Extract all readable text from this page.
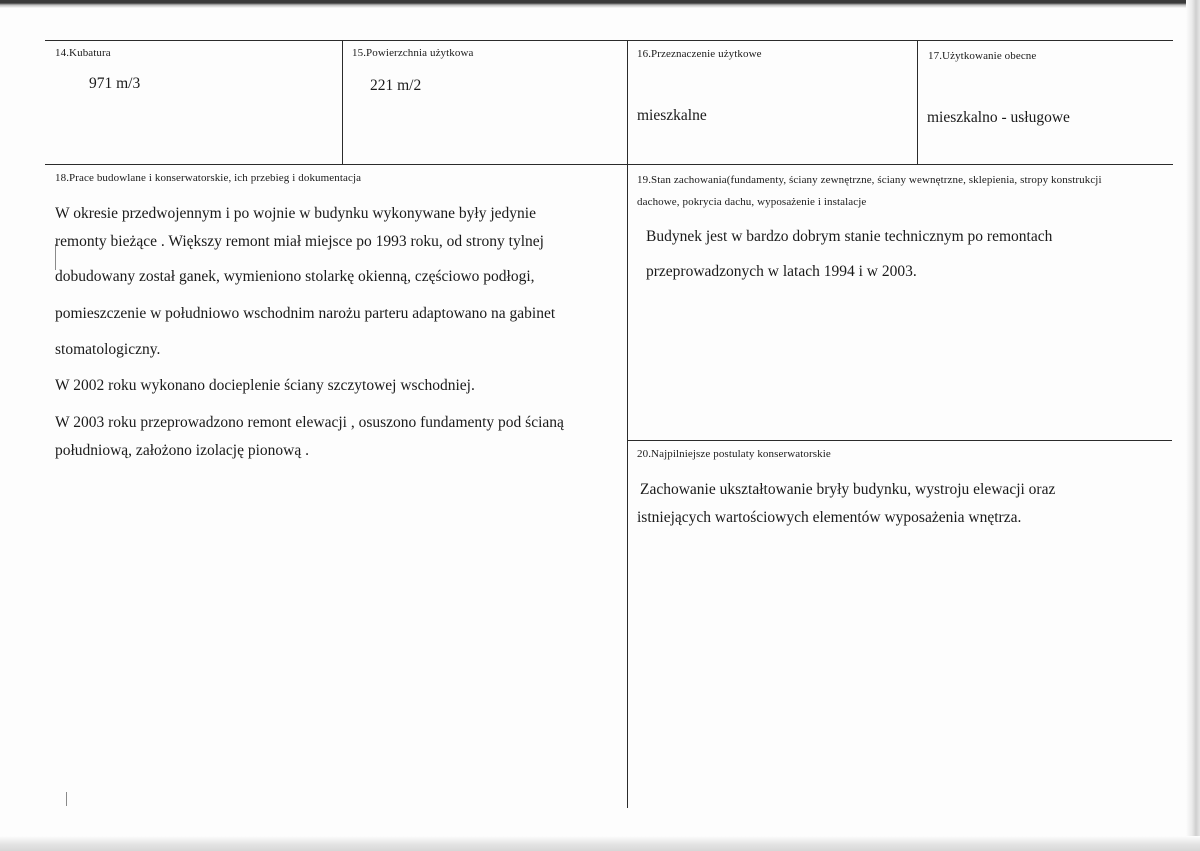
14.Kubatura
971 m/3
15.Powierzchnia użytkowa
221 m/2
16.Przeznaczenie użytkowe
mieszkalne
17.Użytkowanie obecne
mieszkalno - usługowe
18.Prace budowlane i konserwatorskie, ich przebieg i dokumentacja
W okresie przedwojennym i po wojnie w budynku wykonywane były jedynie
remonty bieżące . Większy remont miał miejsce po 1993 roku, od strony tylnej
dobudowany został ganek, wymieniono stolarkę okienną, częściowo podłogi,
pomieszczenie w południowo wschodnim narożu parteru adaptowano na gabinet
stomatologiczny.
W 2002 roku wykonano docieplenie ściany szczytowej wschodniej.
W 2003 roku przeprowadzono remont elewacji , osuszono fundamenty pod ścianą
południową, założono izolację pionową .
19.Stan zachowania(fundamenty, ściany zewnętrzne, ściany wewnętrzne, sklepienia, stropy konstrukcji
dachowe, pokrycia dachu, wyposażenie i instalacje
Budynek jest w bardzo dobrym stanie technicznym po remontach
przeprowadzonych w latach 1994 i w 2003.
20.Najpilniejsze postulaty konserwatorskie
Zachowanie ukształtowanie bryły budynku, wystroju elewacji oraz
istniejących wartościowych elementów wyposażenia wnętrza.
